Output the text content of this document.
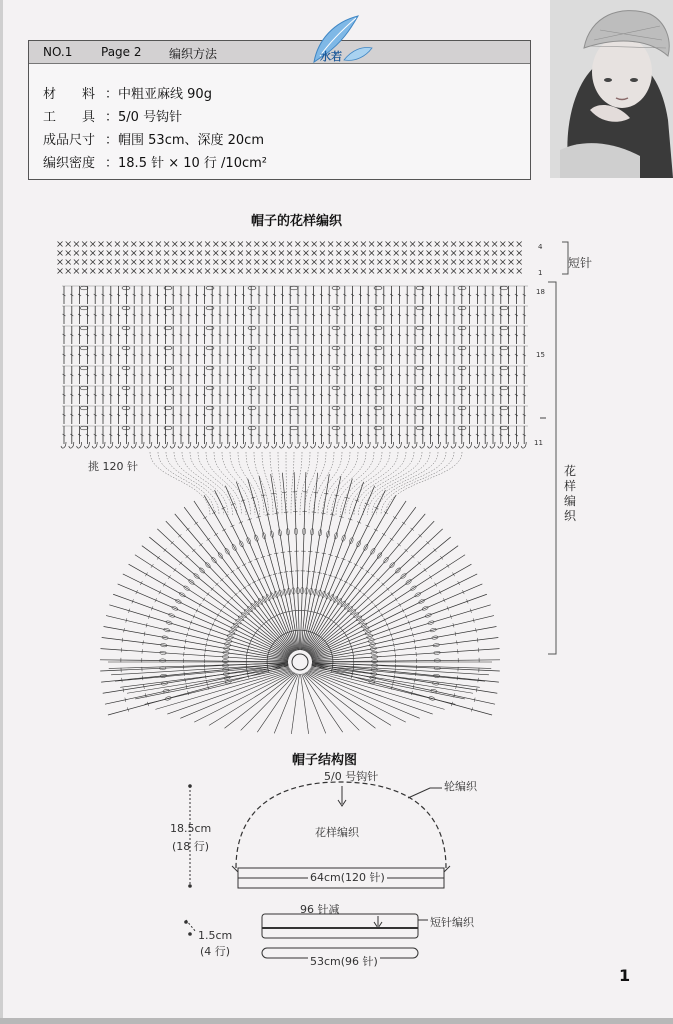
NO.1 Page 2 编织方法
材　　料 ：中粗亚麻线 90g
工　　具 ：5/0 号钩针
成品尺寸 ：帽围 53cm、深度 20cm
编织密度 ：18.5 针 × 10 行 /10cm²
水若
帽子的花样编织
4
1
18
15
11
短针
花样编织
挑 120 针
帽子结构图
5/0 号钩针
轮编织
花样编织
18.5cm
(18 行)
64cm(120 针)
96 针减
短针编织
1.5cm
(4 行)
53cm(96 针)
1
